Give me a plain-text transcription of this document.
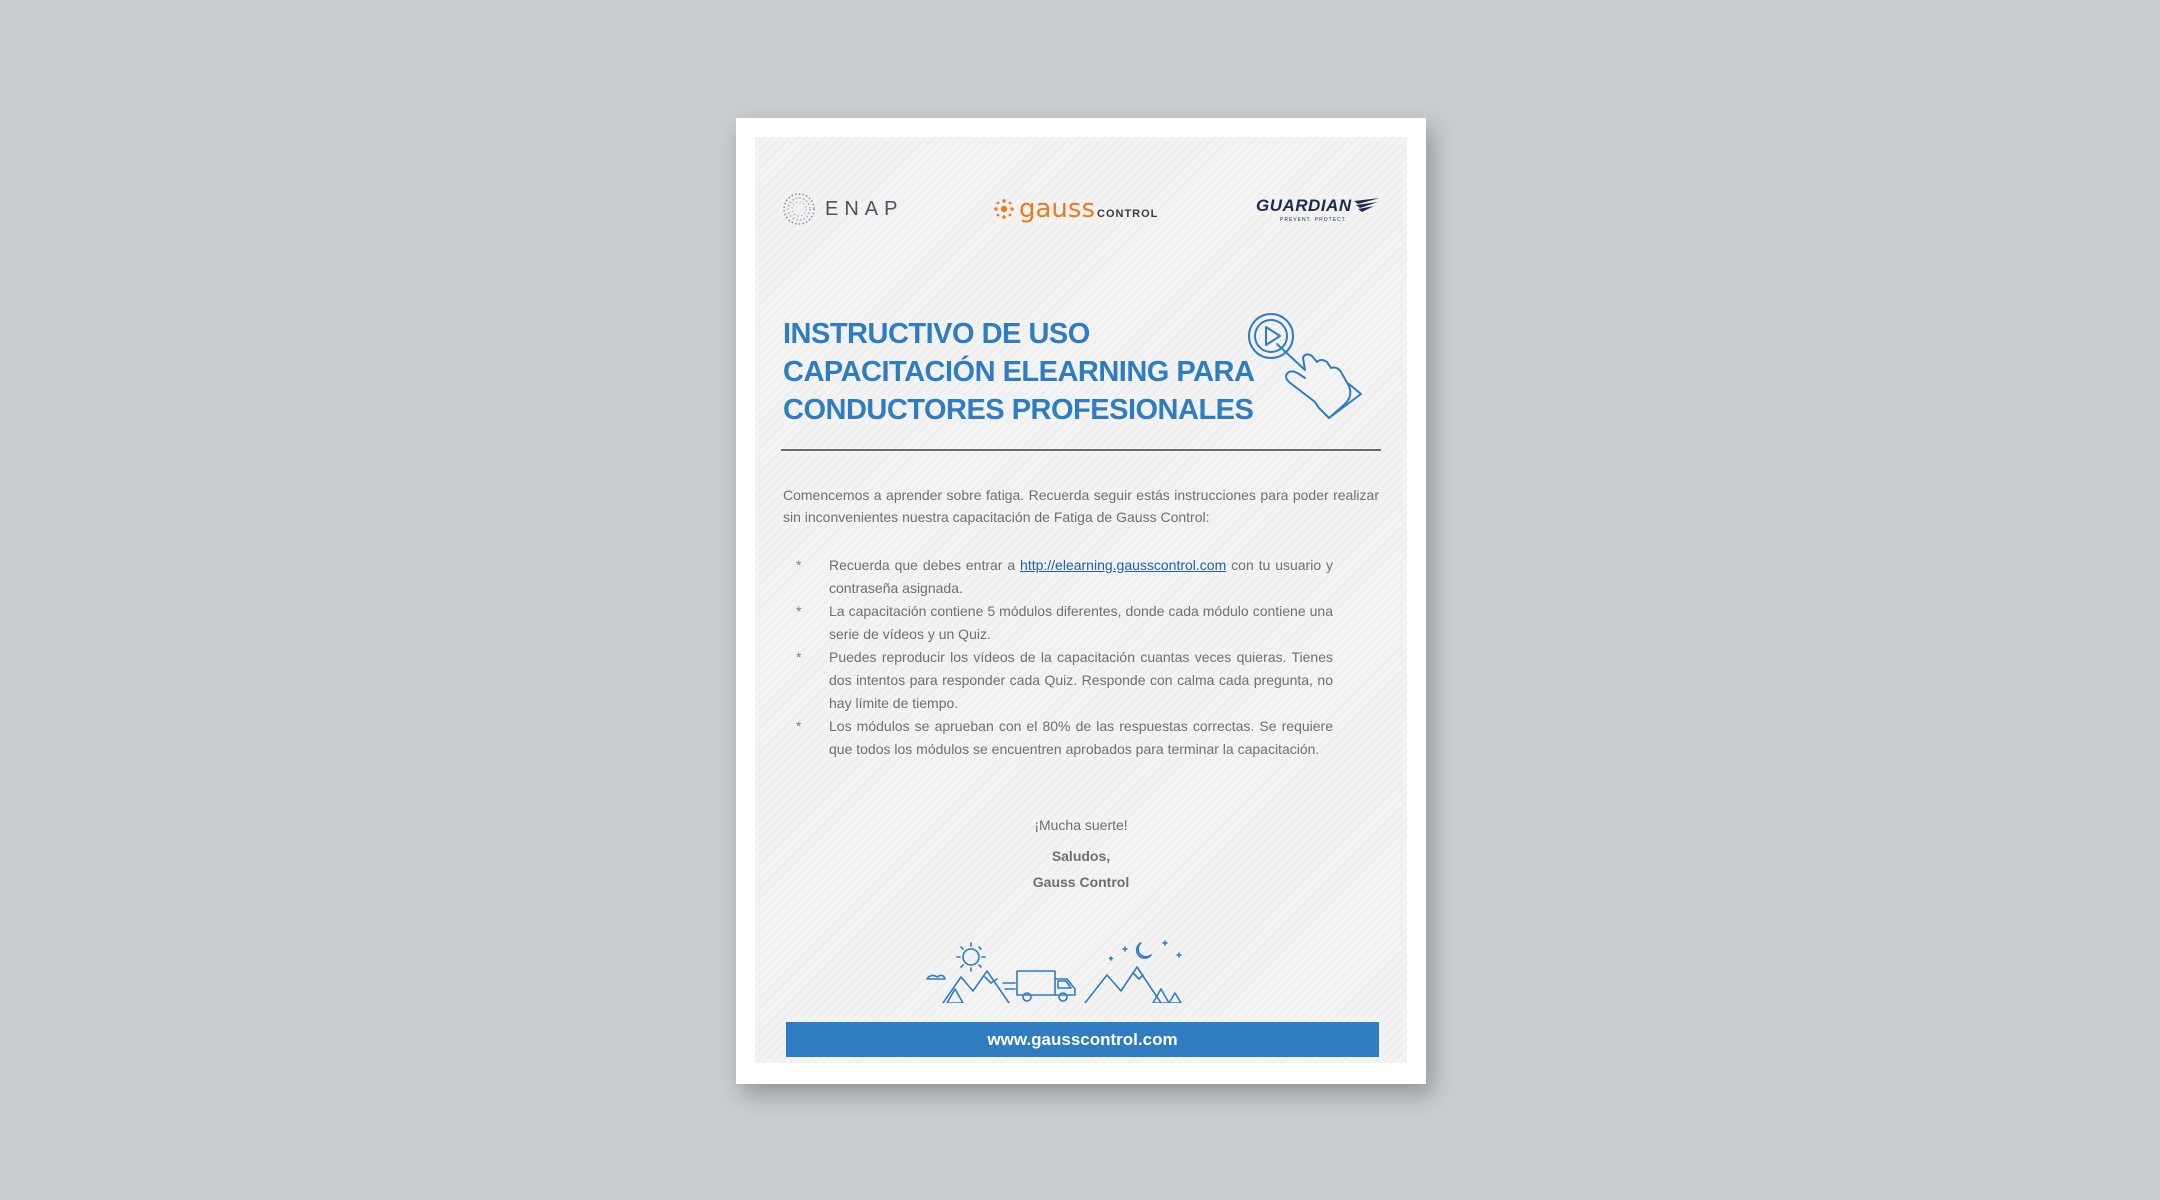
ENAP	gauss CONTROL	GUARDIAN
PREVENT. PROTECT.
INSTRUCTIVO DE USO
CAPACITACIÓN ELEARNING PARA
CONDUCTORES PROFESIONALES

Comencemos a aprender sobre fatiga. Recuerda seguir estás instrucciones para poder realizar sin inconvenientes nuestra capacitación de Fatiga de Gauss Control:

* Recuerda que debes entrar a http://elearning.gausscontrol.com con tu usuario y contraseña asignada.
* La capacitación contiene 5 módulos diferentes, donde cada módulo contiene una serie de vídeos y un Quiz.
* Puedes reproducir los vídeos de la capacitación cuantas veces quieras. Tienes dos intentos para responder cada Quiz. Responde con calma cada pregunta, no hay límite de tiempo.
* Los módulos se aprueban con el 80% de las respuestas correctas. Se requiere que todos los módulos se encuentren aprobados para terminar la capacitación.
¡Mucha suerte!
Saludos,
Gauss Control
www.gausscontrol.com
